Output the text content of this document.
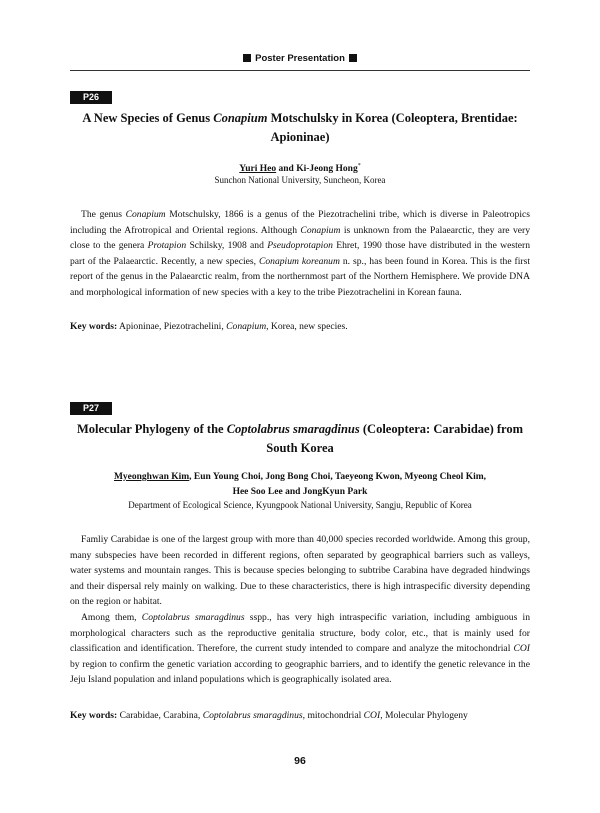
Poster Presentation
P26
A New Species of Genus Conapium Motschulsky in Korea (Coleoptera, Brentidae: Apioninae)
Yuri Heo and Ki-Jeong Hong*
Sunchon National University, Suncheon, Korea

The genus Conapium Motschulsky, 1866 is a genus of the Piezotrachelini tribe, which is diverse in Paleotropics including the Afrotropical and Oriental regions. Although Conapium is unknown from the Palaearctic, they are very close to the genera Protapion Schilsky, 1908 and Pseudoprotapion Ehret, 1990 those have distributed in the western part of the Palaearctic. Recently, a new species, Conapium koreanum n. sp., has been found in Korea. This is the first report of the genus in the Palaearctic realm, from the northernmost part of the Northern Hemisphere. We provide DNA and morphological information of new species with a key to the tribe Piezotrachelini in Korean fauna.

Key words: Apioninae, Piezotrachelini, Conapium, Korea, new species.
P27
Molecular Phylogeny of the Coptolabrus smaragdinus (Coleoptera: Carabidae) from South Korea
Myeonghwan Kim, Eun Young Choi, Jong Bong Choi, Taeyeong Kwon, Myeong Cheol Kim,
Hee Soo Lee and JongKyun Park
Department of Ecological Science, Kyungpook National University, Sangju, Republic of Korea

Famliy Carabidae is one of the largest group with more than 40,000 species recorded worldwide. Among this group, many subspecies have been recorded in different regions, often separated by geographical barriers such as valleys, water systems and mountain ranges. This is because species belonging to subtribe Carabina have degraded hindwings and their dispersal rely mainly on walking. Due to these characteristics, there is high intraspecific diversity depending on the region or habitat.

Among them, Coptolabrus smaragdinus sspp., has very high intraspecific variation, including ambiguous in morphological characters such as the reproductive genitalia structure, body color, etc., that is mainly used for classification and identification. Therefore, the current study intended to compare and analyze the mitochondrial COI by region to confirm the genetic variation according to geographic barriers, and to identify the genetic relevance in the Jeju Island population and inland populations which is geographically isolated area.

Key words: Carabidae, Carabina, Coptolabrus smaragdinus, mitochondrial COI, Molecular Phylogeny
96
